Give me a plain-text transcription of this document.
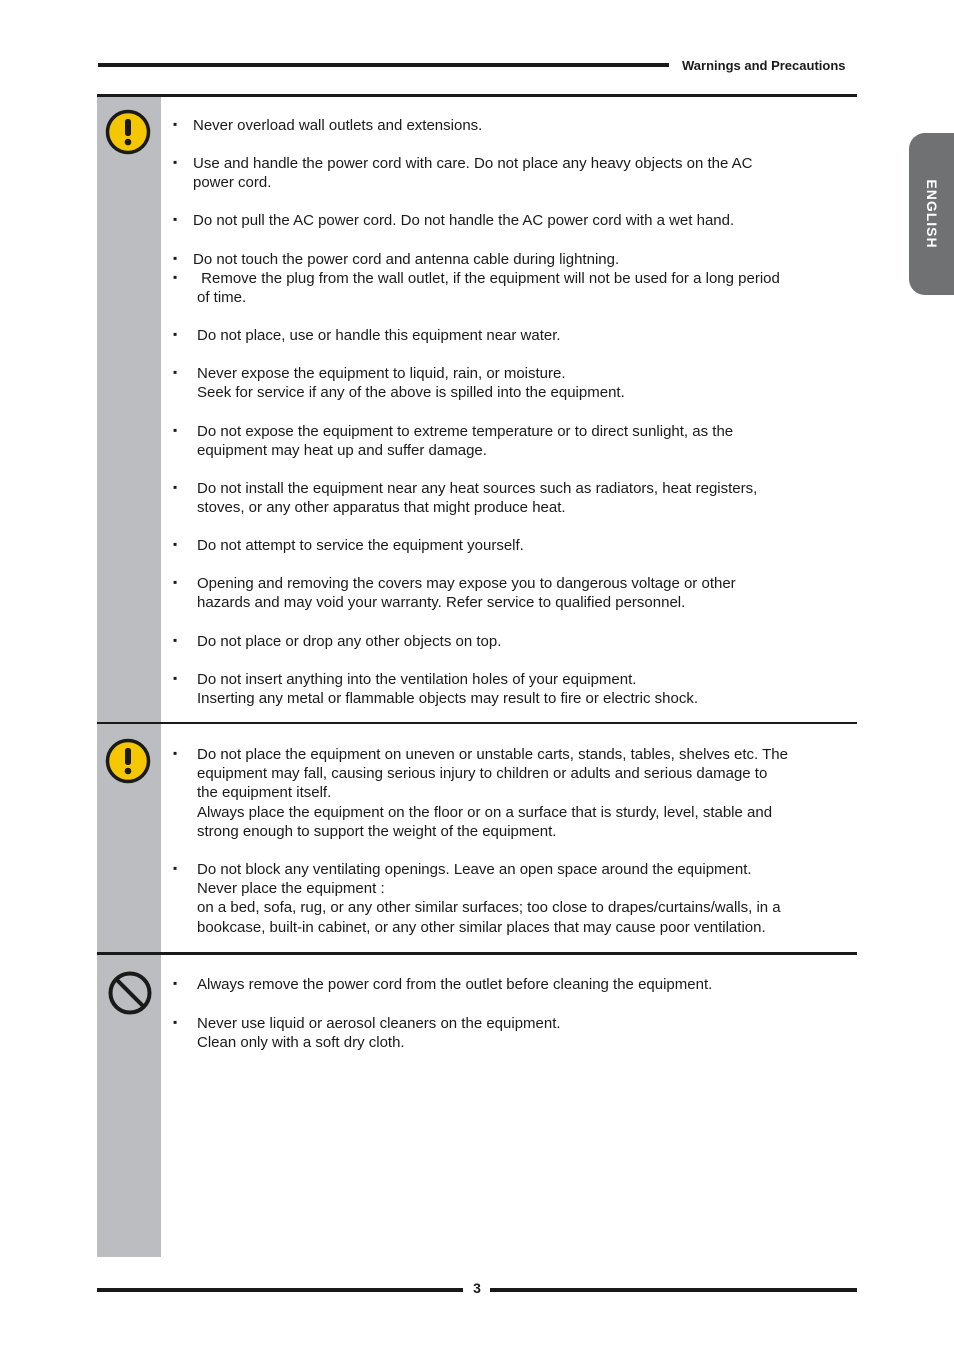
Warnings and Precautions
ENGLISH
▪ Never overload wall outlets and extensions.
▪ Use and handle the power cord with care. Do not place any heavy objects on the AC
power cord.
▪ Do not pull the AC power cord. Do not handle the AC power cord with a wet hand.
▪ Do not touch the power cord and antenna cable during lightning.
▪ Remove the plug from the wall outlet, if the equipment will not be used for a long period
of time.
▪ Do not place, use or handle this equipment near water.
▪ Never expose the equipment to liquid, rain, or moisture.
Seek for service if any of the above is spilled into the equipment.
▪ Do not expose the equipment to extreme temperature or to direct sunlight, as the
equipment may heat up and suffer damage.
▪ Do not install the equipment near any heat sources such as radiators, heat registers,
stoves, or any other apparatus that might produce heat.
▪ Do not attempt to service the equipment yourself.
▪ Opening and removing the covers may expose you to dangerous voltage or other
hazards and may void your warranty. Refer service to qualified personnel.
▪ Do not place or drop any other objects on top.
▪ Do not insert anything into the ventilation holes of your equipment.
Inserting any metal or flammable objects may result to fire or electric shock.
▪ Do not place the equipment on uneven or unstable carts, stands, tables, shelves etc. The
equipment may fall, causing serious injury to children or adults and serious damage to
the equipment itself.
Always place the equipment on the floor or on a surface that is sturdy, level, stable and
strong enough to support the weight of the equipment.
▪ Do not block any ventilating openings. Leave an open space around the equipment.
Never place the equipment :
on a bed, sofa, rug, or any other similar surfaces; too close to drapes/curtains/walls, in a
bookcase, built-in cabinet, or any other similar places that may cause poor ventilation.
▪ Always remove the power cord from the outlet before cleaning the equipment.
▪ Never use liquid or aerosol cleaners on the equipment.
Clean only with a soft dry cloth.
3
